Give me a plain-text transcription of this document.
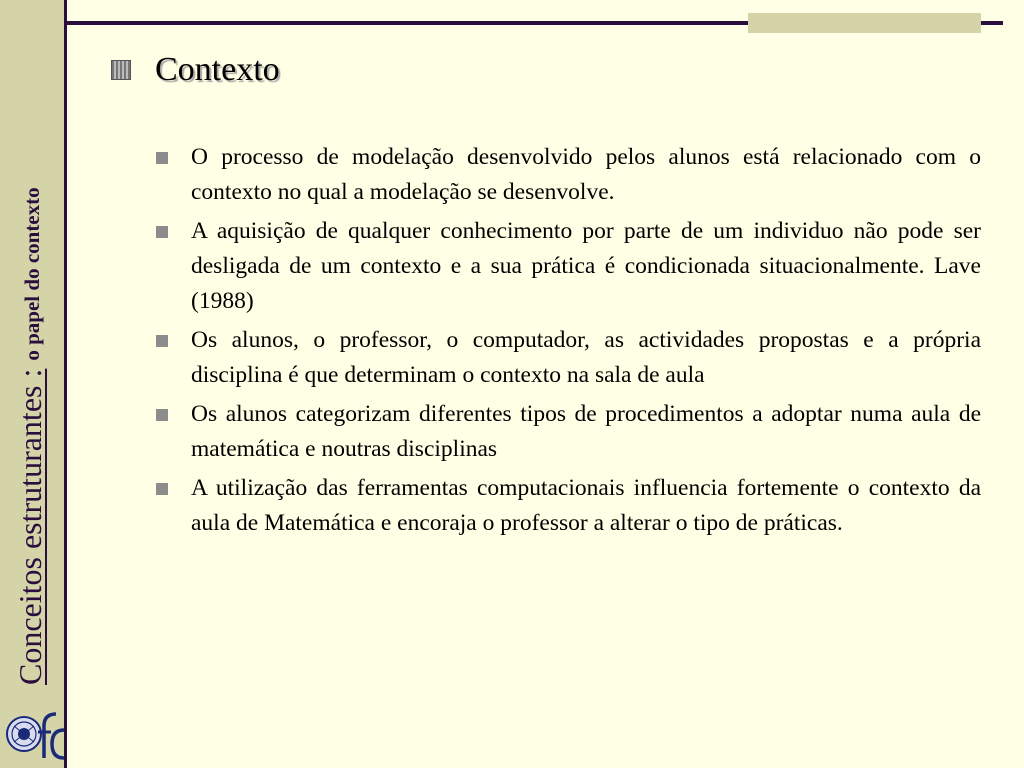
Conceitos estruturantes :o papel do contexto
Contexto
O processo de modelação desenvolvido pelos alunos está relacionado com o contexto no qual a modelação se desenvolve.
A aquisição de qualquer conhecimento por parte de um individuo não pode ser desligada de um contexto e a sua prática é condicionada situacionalmente. Lave (1988)
Os alunos, o professor, o computador, as actividades propostas e a própria disciplina é que determinam o contexto na sala de aula
Os alunos categorizam diferentes tipos de procedimentos a adoptar numa aula de matemática e noutras disciplinas
A utilização das ferramentas computacionais influencia fortemente o contexto da aula de Matemática e encoraja o professor a alterar o tipo de práticas.
